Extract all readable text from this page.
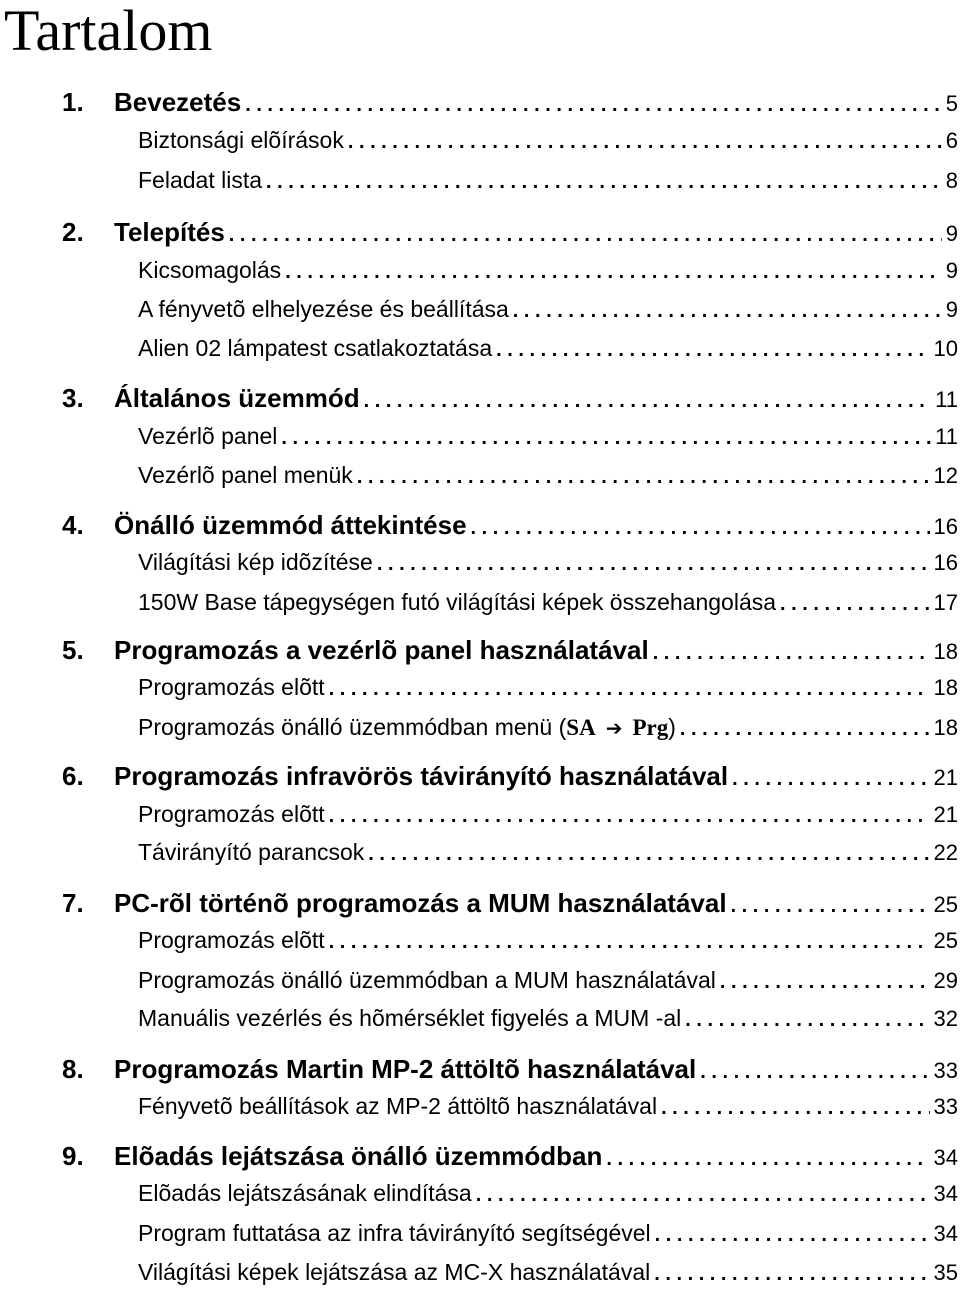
Tartalom
1. Bevezetés . . .	5
Biztonsági elõírások . . .	6
Feladat lista . . .	8
2. Telepítés . . .	9
Kicsomagolás . . .	9
A fényvetõ elhelyezése és beállítása . . .	9
Alien 02 lámpatest csatlakoztatása . . .	10
3. Általános üzemmód . . .	11
Vezérlõ panel . . .	11
Vezérlõ panel menük . . .	12
4. Önálló üzemmód áttekintése . . .	16
Világítási kép idõzítése . . .	16
150W Base tápegységen futó világítási képek összehangolása . . .	17
5. Programozás a vezérlõ panel használatával . . .	18
Programozás elõtt . . .	18
Programozás önálló üzemmódban menü (SA ➔ Prg) . . .	18
6. Programozás infravörös távirányító használatával . . .	21
Programozás elõtt . . .	21
Távirányító parancsok . . .	22
7. PC-rõl történõ programozás a MUM használatával . . .	25
Programozás elõtt . . .	25
Programozás önálló üzemmódban a MUM használatával . . .	29
Manuális vezérlés és hõmérséklet figyelés a MUM -al . . .	32
8. Programozás Martin MP-2 áttöltõ használatával . . .	33
Fényvetõ beállítások az MP-2 áttöltõ használatával . . .	33
9. Elõadás lejátszása önálló üzemmódban . . .	34
Elõadás lejátszásának elindítása . . .	34
Program futtatása az infra távirányító segítségével . . .	34
Világítási képek lejátszása az MC-X használatával . . .	35
